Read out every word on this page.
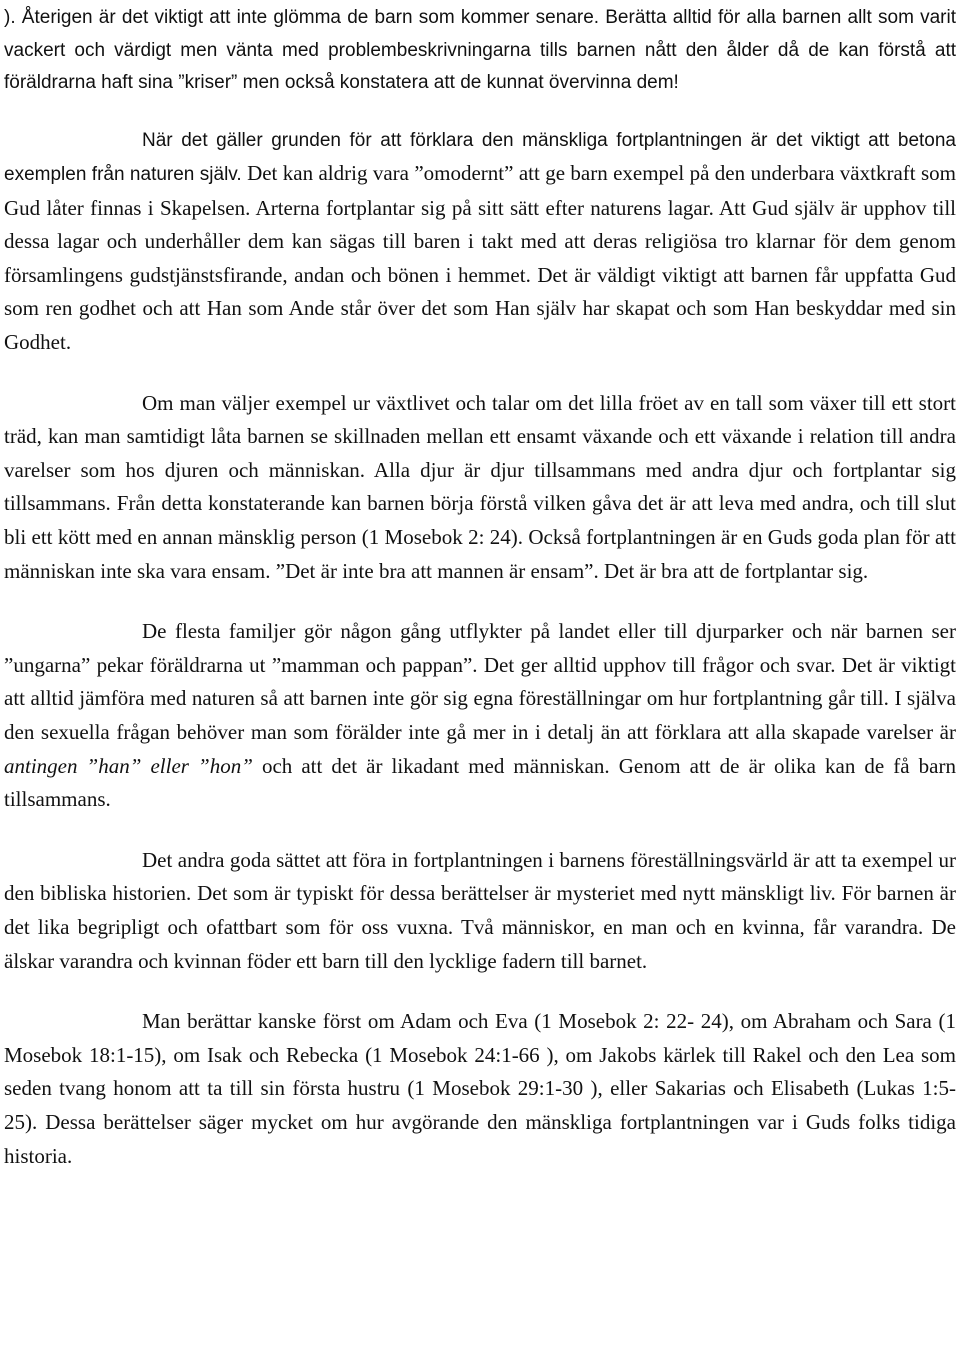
). Återigen är det viktigt att inte glömma de barn som kommer senare. Berätta alltid för alla barnen allt som varit vackert och värdigt men vänta med problembeskrivningarna tills barnen nått den ålder då de kan förstå att föräldrarna haft sina ”kriser” men också konstatera att de kunnat övervinna dem!

När det gäller grunden för att förklara den mänskliga fortplantningen är det viktigt att betona exemplen från naturen själv. Det kan aldrig vara ”omodernt” att ge barn exempel på den underbara växtkraft som Gud låter finnas i Skapelsen. Arterna fortplantar sig på sitt sätt efter naturens lagar. Att Gud själv är upphov till dessa lagar och underhåller dem kan sägas till baren i takt med att deras religiösa tro klarnar för dem genom församlingens gudstjänstsfirande, andan och bönen i hemmet. Det är väldigt viktigt att barnen får uppfatta Gud som ren godhet och att Han som Ande står över det som Han själv har skapat och som Han beskyddar med sin Godhet.

Om man väljer exempel ur växtlivet och talar om det lilla fröet av en tall som växer till ett stort träd, kan man samtidigt låta barnen se skillnaden mellan ett ensamt växande och ett växande i relation till andra varelser som hos djuren och människan. Alla djur är djur tillsammans med andra djur och fortplantar sig tillsammans. Från detta konstaterande kan barnen börja förstå vilken gåva det är att leva med andra, och till slut bli ett kött med en annan mänsklig person (1 Mosebok 2: 24). Också fortplantningen är en Guds goda plan för att människan inte ska vara ensam. ”Det är inte bra att mannen är ensam”. Det är bra att de fortplantar sig.

De flesta familjer gör någon gång utflykter på landet eller till djurparker och när barnen ser ”ungarna” pekar föräldrarna ut ”mamman och pappan”. Det ger alltid upphov till frågor och svar. Det är viktigt att alltid jämföra med naturen så att barnen inte gör sig egna föreställningar om hur fortplantning går till. I själva den sexuella frågan behöver man som förälder inte gå mer in i detalj än att förklara att alla skapade varelser är antingen ”han” eller ”hon” och att det är likadant med människan. Genom att de är olika kan de få barn tillsammans.

Det andra goda sättet att föra in fortplantningen i barnens föreställningsvärld är att ta exempel ur den bibliska historien. Det som är typiskt för dessa berättelser är mysteriet med nytt mänskligt liv. För barnen är det lika begripligt och ofattbart som för oss vuxna. Två människor, en man och en kvinna, får varandra. De älskar varandra och kvinnan föder ett barn till den lycklige fadern till barnet.

Man berättar kanske först om Adam och Eva (1 Mosebok 2: 22- 24), om Abraham och Sara (1 Mosebok 18:1-15), om Isak och Rebecka (1 Mosebok 24:1-66 ), om Jakobs kärlek till Rakel och den Lea som seden tvang honom att ta till sin första hustru (1 Mosebok 29:1-30 ), eller Sakarias och Elisabeth (Lukas 1:5- 25). Dessa berättelser säger mycket om hur avgörande den mänskliga fortplantningen var i Guds folks tidiga historia.
